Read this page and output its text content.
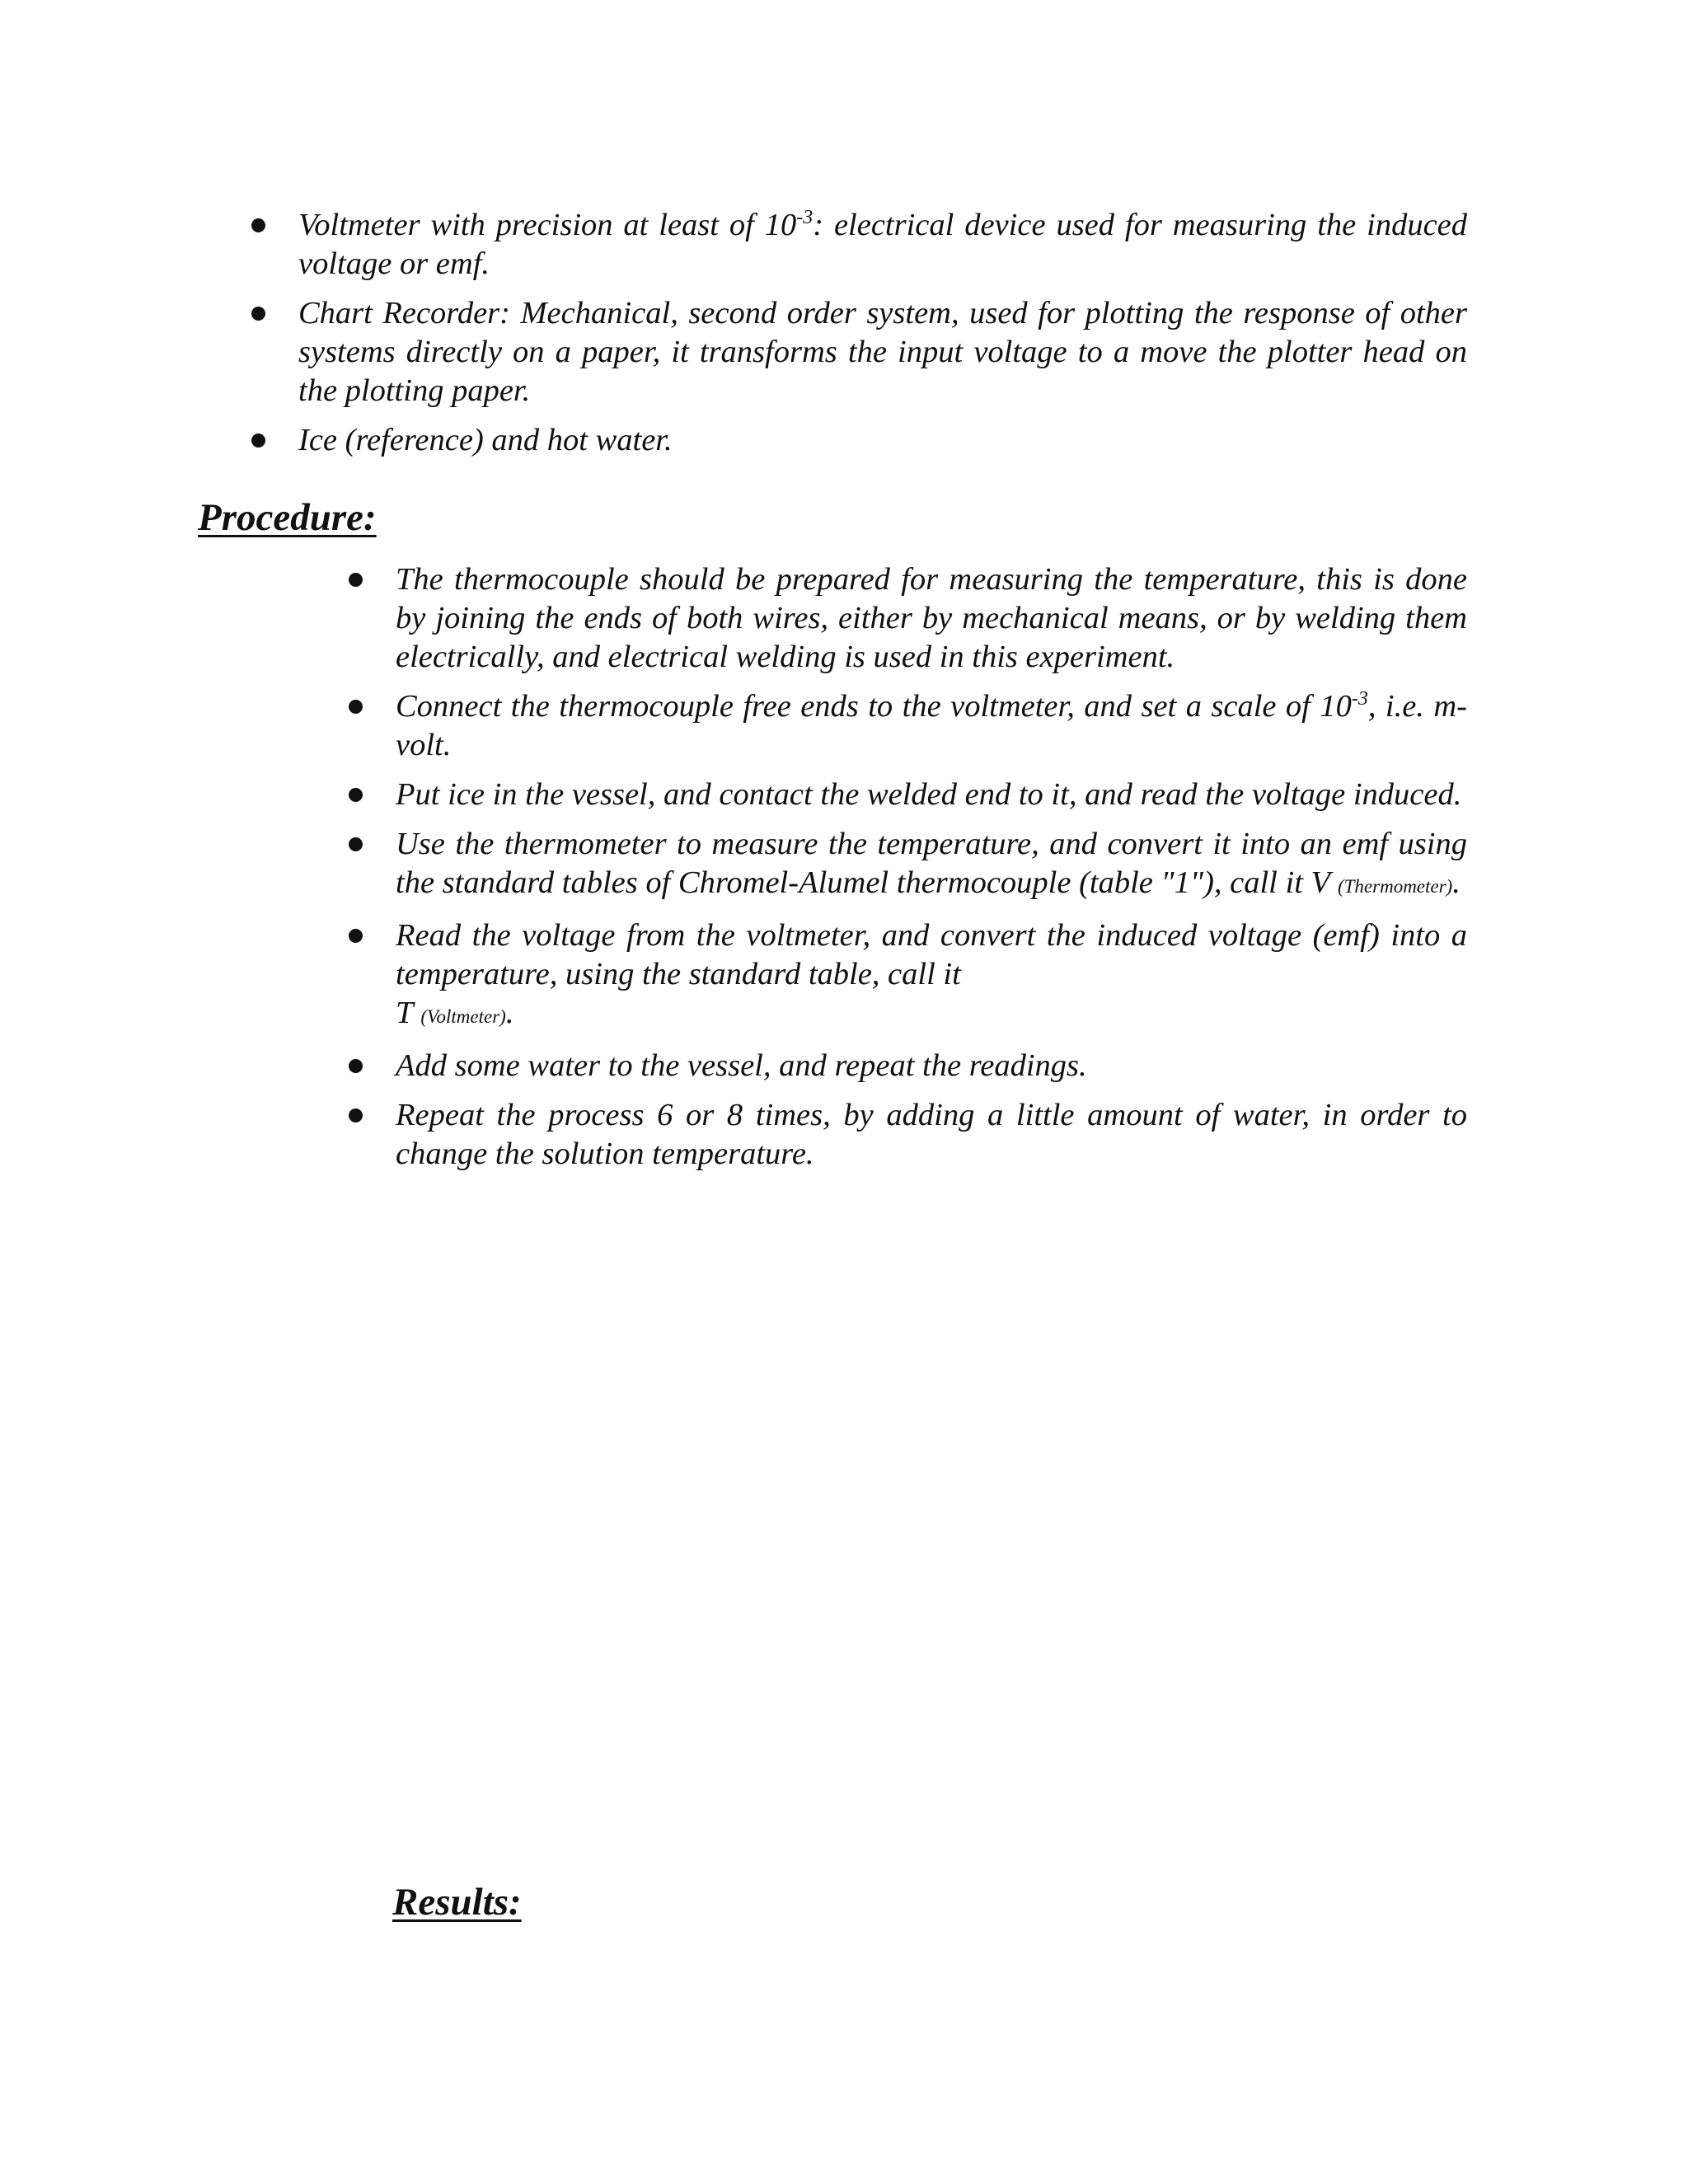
Voltmeter with precision at least of $10^{-3}$: electrical device used for measuring the induced voltage or emf.
Chart Recorder: Mechanical, second order system, used for plotting the response of other systems directly on a paper, it transforms the input voltage to a move the plotter head on the plotting paper.
Ice (reference) and hot water.
Procedure:
The thermocouple should be prepared for measuring the temperature, this is done by joining the ends of both wires, either by mechanical means, or by welding them electrically, and electrical welding is used in this experiment.
Connect the thermocouple free ends to the voltmeter, and set a scale of $10^{-3}$, i.e. m-volt.
Put ice in the vessel, and contact the welded end to it, and read the voltage induced.
Use the thermometer to measure the temperature, and convert it into an emf using the standard tables of Chromel-Alumel thermocouple (table "1"), call it V (Thermometer).
Read the voltage from the voltmeter, and convert the induced voltage (emf) into a temperature, using the standard table, call it
T (Voltmeter).
Add some water to the vessel, and repeat the readings.
Repeat the process 6 or 8 times, by adding a little amount of water, in order to change the solution temperature.
Results:
